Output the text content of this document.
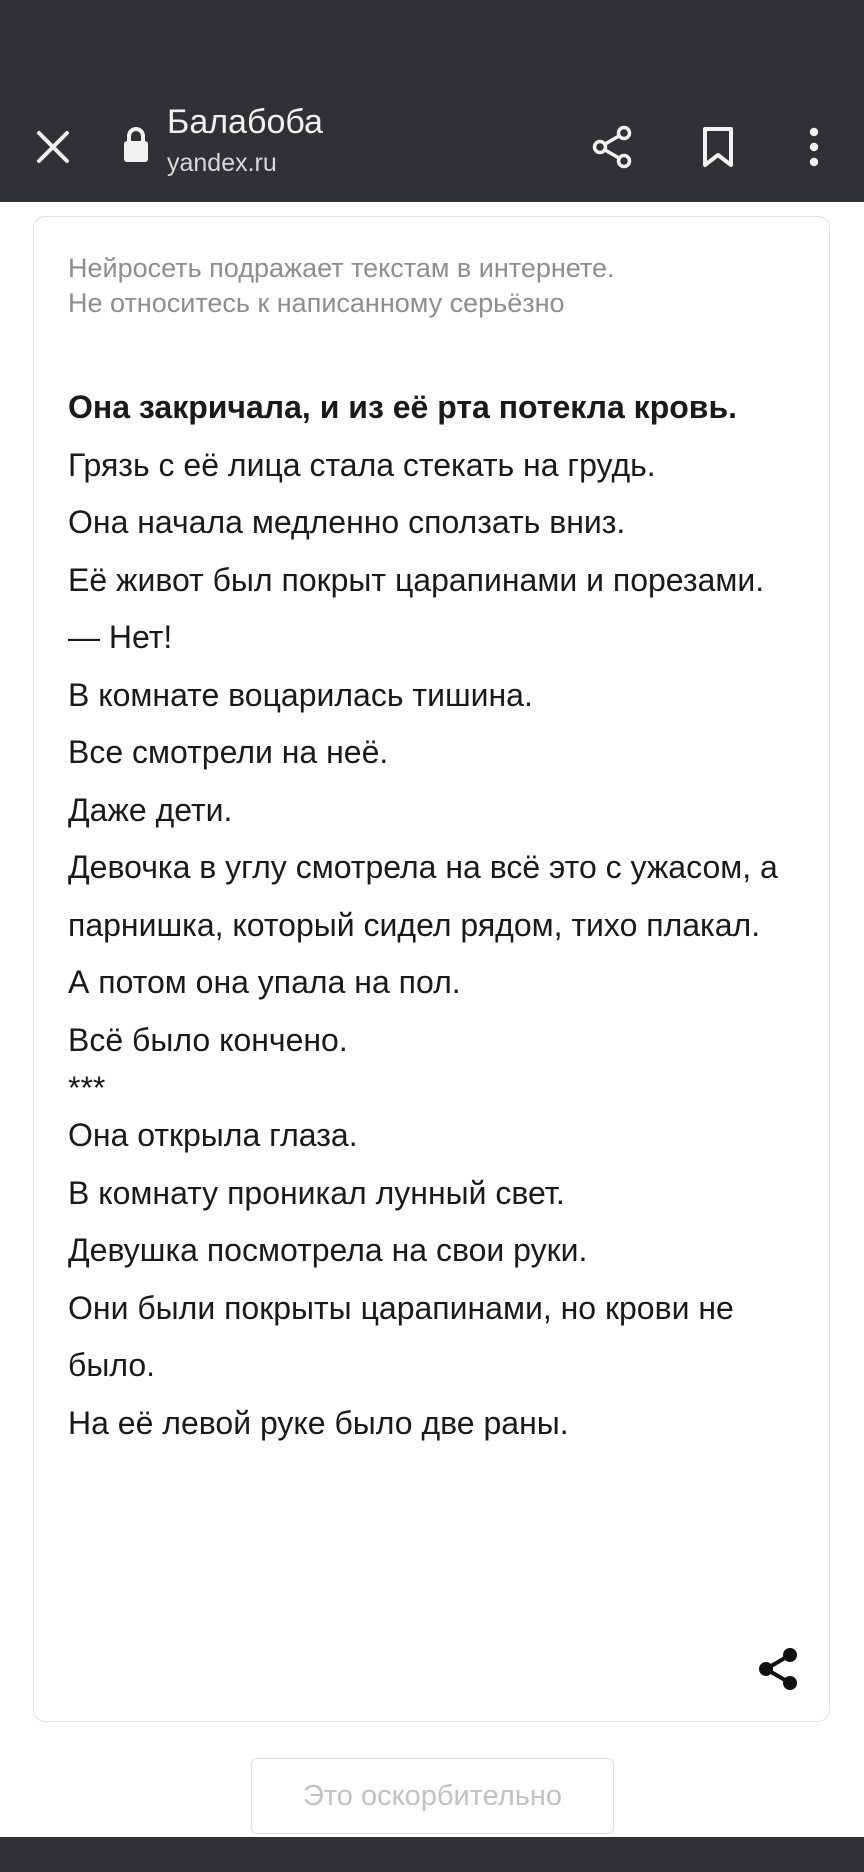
Балабоба
yandex.ru
Нейросеть подражает текстам в интернете.
Не относитесь к написанному серьёзно

Она закричала, и из её рта потекла кровь. Грязь с её лица стала стекать на грудь.

Она начала медленно сползать вниз.

Её живот был покрыт царапинами и порезами.

— Нет!

В комнате воцарилась тишина.

Все смотрели на неё.

Даже дети.

Девочка в углу смотрела на всё это с ужасом, а парнишка, который сидел рядом, тихо плакал.

А потом она упала на пол.

Всё было кончено.

***

Она открыла глаза.

В комнату проникал лунный свет.

Девушка посмотрела на свои руки.

Они были покрыты царапинами, но крови не было.

На её левой руке было две раны.

Это оскорбительно
